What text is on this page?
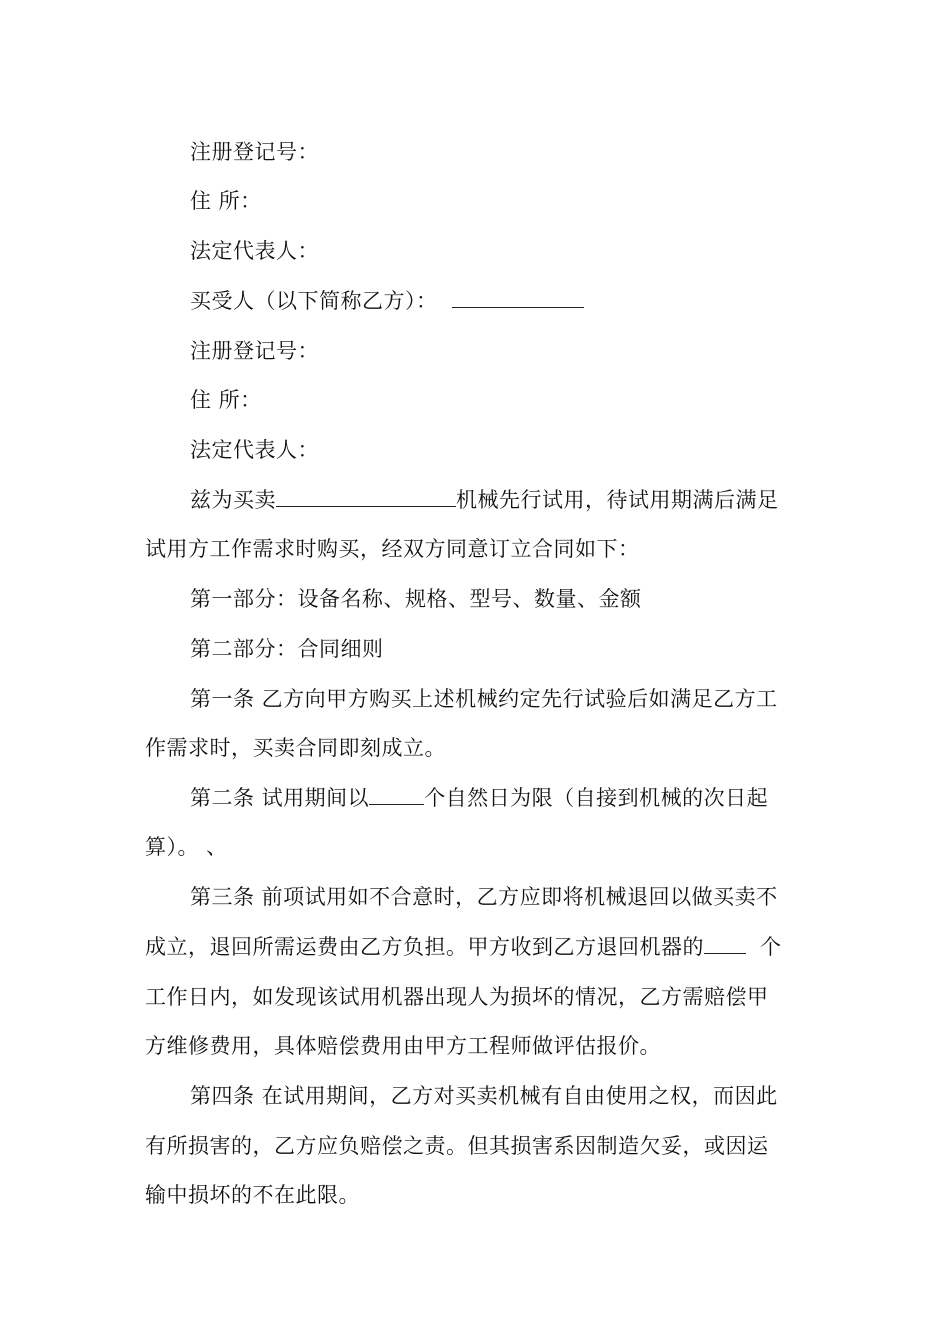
注册登记号：
住 所：
法定代表人：
买受人（以下简称乙方）：
注册登记号：
住 所：
法定代表人：
兹为买卖	机械先行试用，待试用期满后满足
试用方工作需求时购买，经双方同意订立合同如下：
第一部分：设备名称、规格、型号、数量、金额
第二部分：合同细则
第一条 乙方向甲方购买上述机械约定先行试验后如满足乙方工
作需求时，买卖合同即刻成立。
第二条 试用期间以	个自然日为限（自接到机械的次日起
算）。 、
第三条 前项试用如不合意时，乙方应即将机械退回以做买卖不
成立，退回所需运费由乙方负担。甲方收到乙方退回机器的	个
工作日内，如发现该试用机器出现人为损坏的情况，乙方需赔偿甲
方维修费用，具体赔偿费用由甲方工程师做评估报价。
第四条 在试用期间，乙方对买卖机械有自由使用之权，而因此
有所损害的，乙方应负赔偿之责。但其损害系因制造欠妥，或因运
输中损坏的不在此限。
